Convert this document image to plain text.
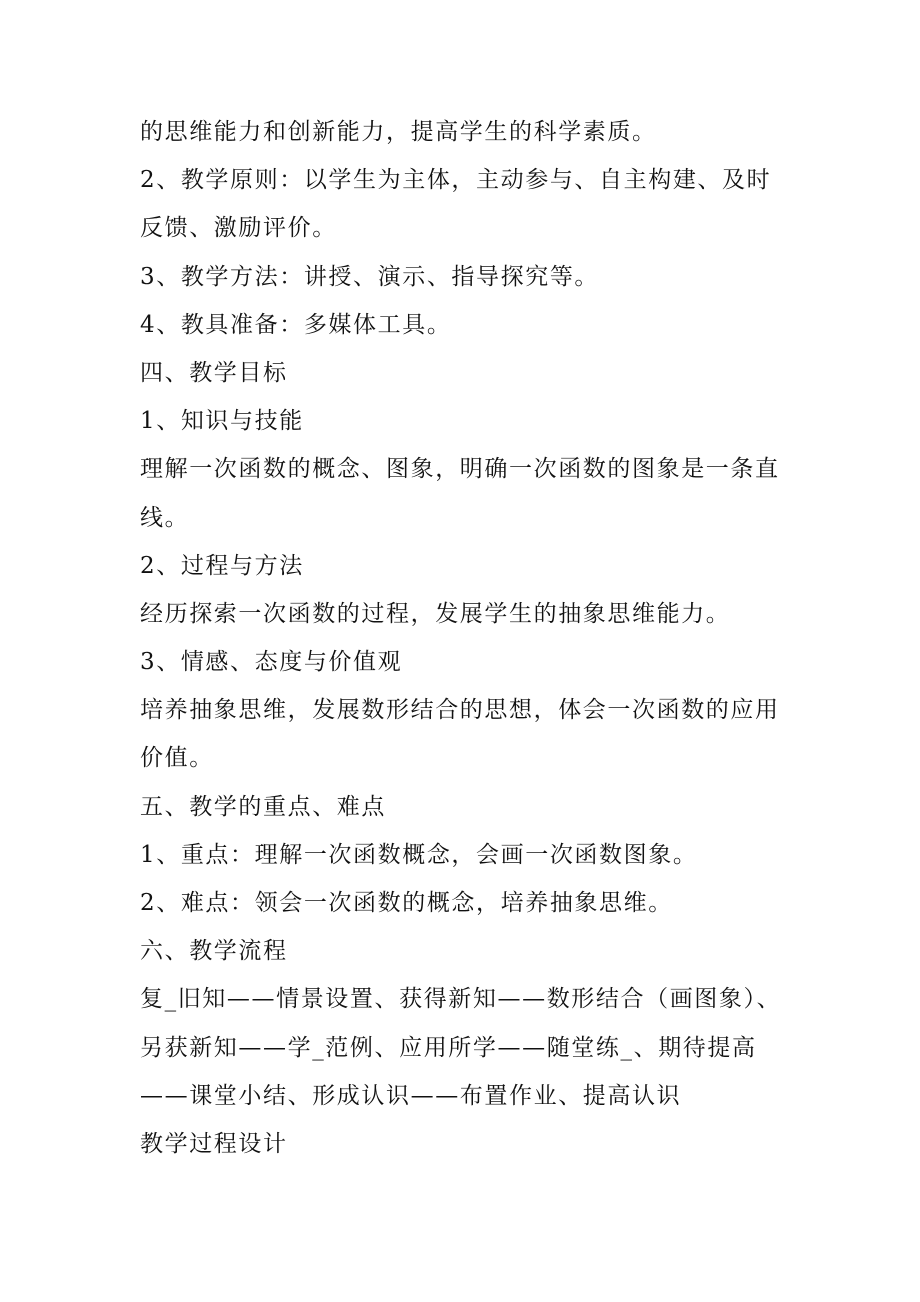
的思维能力和创新能力，提高学生的科学素质。
2、教学原则：以学生为主体，主动参与、自主构建、及时
反馈、激励评价。
3、教学方法：讲授、演示、指导探究等。
4、教具准备：多媒体工具。
四、教学目标
1、知识与技能
理解一次函数的概念、图象，明确一次函数的图象是一条直
线。
2、过程与方法
经历探索一次函数的过程，发展学生的抽象思维能力。
3、情感、态度与价值观
培养抽象思维，发展数形结合的思想，体会一次函数的应用
价值。
五、教学的重点、难点
1、重点：理解一次函数概念，会画一次函数图象。
2、难点：领会一次函数的概念，培养抽象思维。
六、教学流程
复_旧知——情景设置、获得新知——数形结合（画图象）、
另获新知——学_范例、应用所学——随堂练_、期待提高
——课堂小结、形成认识——布置作业、提高认识
教学过程设计
